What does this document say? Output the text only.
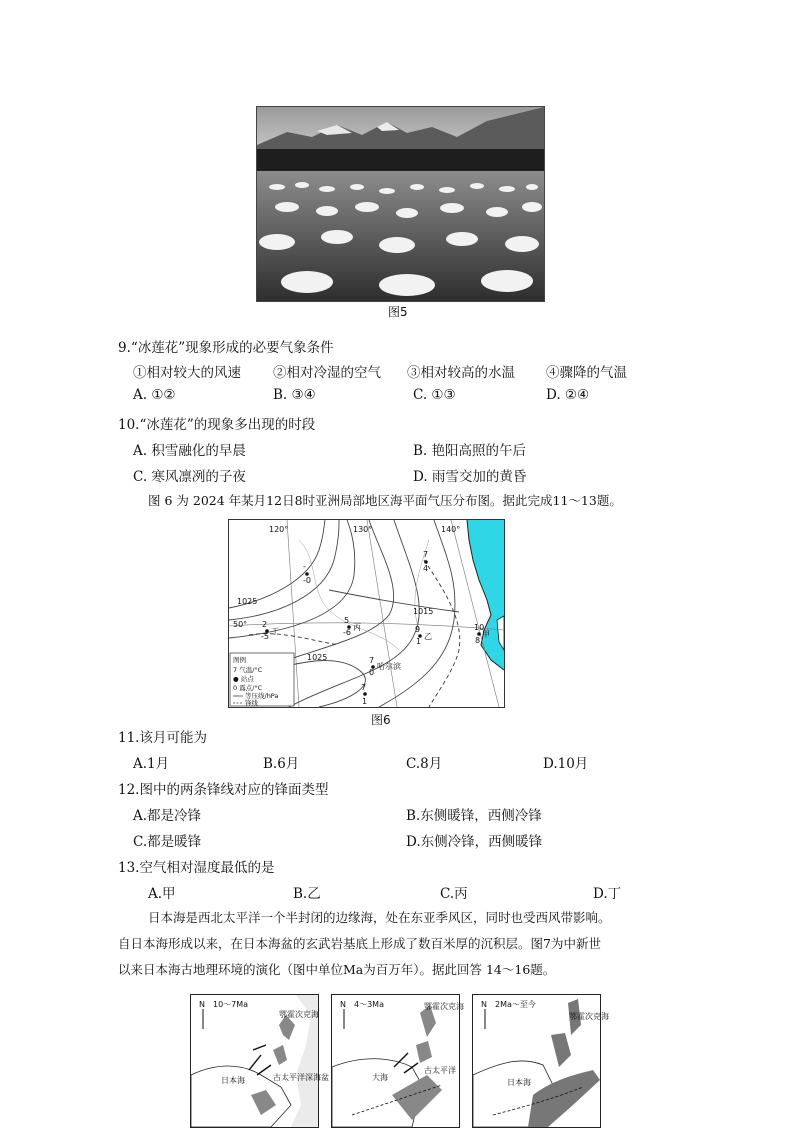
图5
9.“冰莲花”现象形成的必要气象条件
①相对较大的风速 ②相对冷湿的空气 ③相对较高的水温 ④骤降的气温
A. ①②	B. ③④	C. ①③	D. ②④
10.“冰莲花”的现象多出现的时段
A. 积雪融化的早晨	B. 艳阳高照的午后
C. 寒风凛冽的子夜	D. 雨雪交加的黄昏
图 6 为 2024 年某月12日8时亚洲局部地区海平面气压分布图。据此完成11～13题。
120°	130°	140°
50°
1025
1015
1025
-
-0
7
4
5
丙
-6
2
丁
-5
9
乙
1
10
甲
8
7
哈尔滨
0
7
1
图例
7 气温/°C
● 站点
0 露点/°C
等压线/hPa
锋线
图6
11.该月可能为
A.1月	B.6月	C.8月	D.10月
12.图中的两条锋线对应的锋面类型
A.都是冷锋	B.东侧暖锋，西侧冷锋
C.都是暖锋	D.东侧冷锋，西侧暖锋
13.空气相对湿度最低的是
A.甲	B.乙	C.丙	D.丁
日本海是西北太平洋一个半封闭的边缘海，处在东亚季风区，同时也受西风带影响。
自日本海形成以来，在日本海盆的玄武岩基底上形成了数百米厚的沉积层。图7为中新世
以来日本海古地理环境的演化（图中单位Ma为百万年）。据此回答 14～16题。
N 10～7Ma
日本海
鄂霍次克海
古太平洋深海盆
N 4～3Ma
大海
鄂霍次克海
古太平洋
N 2Ma～至今
日本海
鄂霍次克海
